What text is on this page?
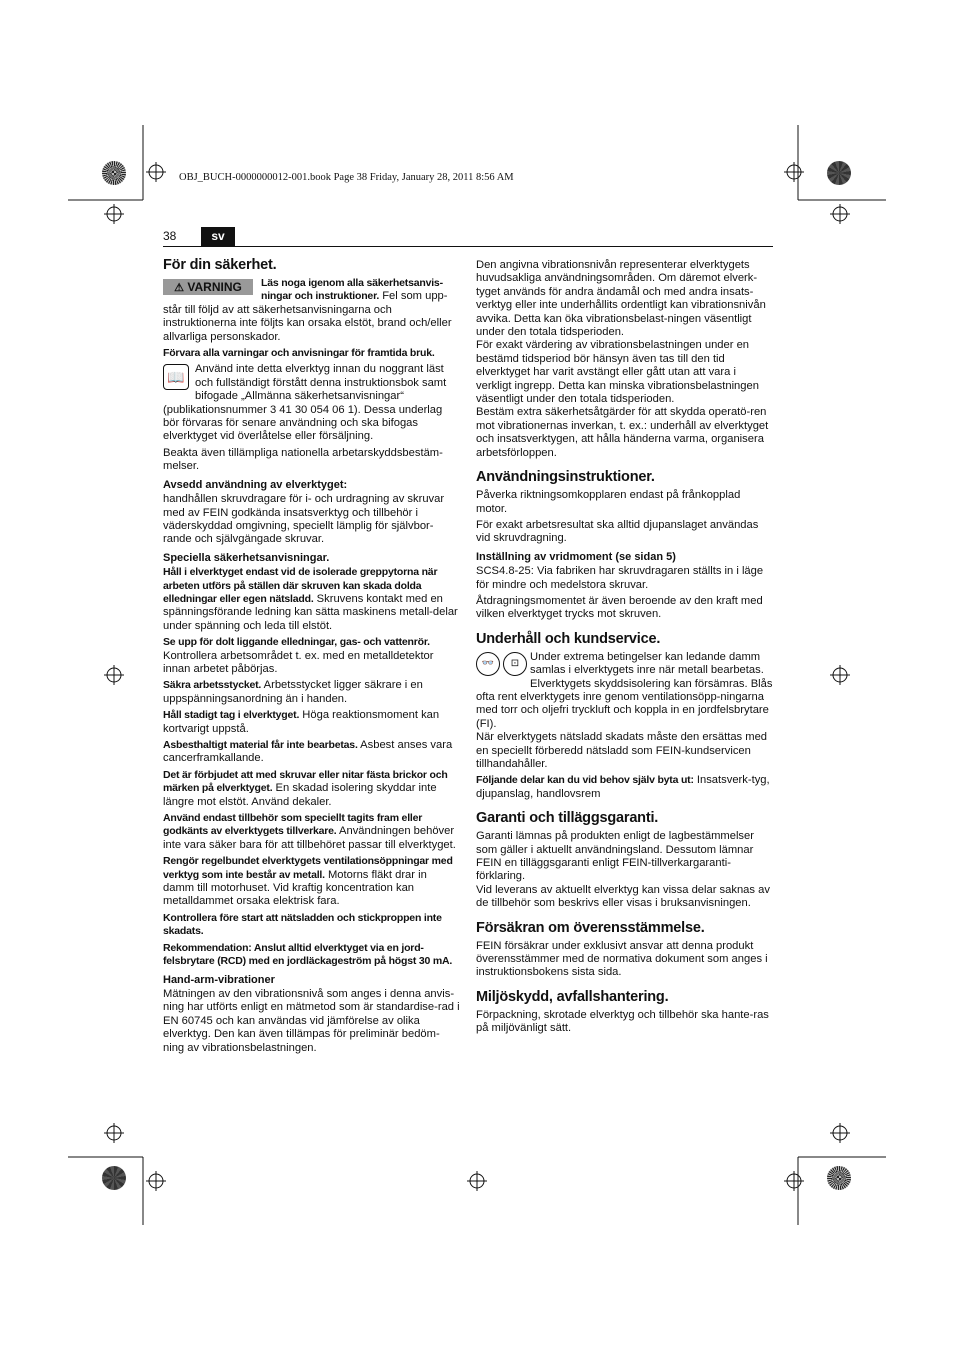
OBJ_BUCH-0000000012-001.book Page 38 Friday, January 28, 2011 8:56 AM
38	sv
För din säkerhet.

⚠ VARNING	Läs noga igenom alla säkerhetsanvis-ningar och instruktioner. Fel som upp-står till följd av att säkerhetsanvisningarna och instruktionerna inte följts kan orsaka elstöt, brand och/eller allvarliga personskador.

Förvara alla varningar och anvisningar för framtida bruk.

📖 Använd inte detta elverktyg innan du noggrant läst och fullständigt förstått denna instruktionsbok samt bifogade „Allmänna säkerhetsanvisningar“ (publikationsnummer 3 41 30 054 06 1). Dessa underlag bör förvaras för senare användning och ska bifogas elverktyget vid överlåtelse eller försäljning.

Beakta även tillämpliga nationella arbetarskyddsbestäm-melser.

Avsedd användning av elverktyget:

handhållen skruvdragare för i- och urdragning av skruvar med av FEIN godkända insatsverktyg och tillbehör i väderskyddad omgivning, speciellt lämplig för självbor-rande och självgängade skruvar.

Speciella säkerhetsanvisningar.

Håll i elverktyget endast vid de isolerade greppytorna när arbeten utförs på ställen där skruven kan skada dolda elledningar eller egen nätsladd. Skruvens kontakt med en spänningsförande ledning kan sätta maskinens metall-delar under spänning och leda till elstöt.

Se upp för dolt liggande elledningar, gas- och vattenrör. Kontrollera arbetsområdet t. ex. med en metalldetektor innan arbetet påbörjas.

Säkra arbetsstycket. Arbetsstycket ligger säkrare i en uppspänningsanordning än i handen.

Håll stadigt tag i elverktyget. Höga reaktionsmoment kan kortvarigt uppstå.

Asbesthaltigt material får inte bearbetas. Asbest anses vara cancerframkallande.

Det är förbjudet att med skruvar eller nitar fästa brickor och märken på elverktyget. En skadad isolering skyddar inte längre mot elstöt. Använd dekaler.

Använd endast tillbehör som speciellt tagits fram eller godkänts av elverktygets tillverkare. Användningen behöver inte vara säker bara för att tillbehöret passar till elverktyget.

Rengör regelbundet elverktygets ventilationsöppningar med verktyg som inte består av metall. Motorns fläkt drar in damm till motorhuset. Vid kraftig koncentration kan metalldammet orsaka elektrisk fara.

Kontrollera före start att nätsladden och stickproppen inte skadats.

Rekommendation: Anslut alltid elverktyget via en jord-felsbrytare (RCD) med en jordläckageström på högst 30 mA.

Hand-arm-vibrationer

Mätningen av den vibrationsnivå som anges i denna anvis-ning har utförts enligt en mätmetod som är standardise-rad i EN 60745 och kan användas vid jämförelse av olika elverktyg. Den kan även tillämpas för preliminär bedöm-ning av vibrationsbelastningen.

Den angivna vibrationsnivån representerar elverktygets huvudsakliga användningsområden. Om däremot elverk-tyget används för andra ändamål och med andra insats-verktyg eller inte underhållits ordentligt kan vibrationsnivån avvika. Detta kan öka vibrationsbelast-ningen väsentligt under den totala tidsperioden.

För exakt värdering av vibrationsbelastningen under en bestämd tidsperiod bör hänsyn även tas till den tid elverktyget har varit avstängt eller gått utan att vara i verkligt ingrepp. Detta kan minska vibrationsbelastningen väsentligt under den totala tidsperioden.

Bestäm extra säkerhetsåtgärder för att skydda operatö-ren mot vibrationernas inverkan, t. ex.: underhåll av elverktyget och insatsverktygen, att hålla händerna varma, organisera arbetsförloppen.

Användningsinstruktioner.

Påverka riktningsomkopplaren endast på frånkopplad motor.

För exakt arbetsresultat ska alltid djupanslaget användas vid skruvdragning.

Inställning av vridmoment (se sidan 5)

SCS4.8-25: Via fabriken har skruvdragaren ställts in i läge för mindre och medelstora skruvar.

Åtdragningsmomentet är även beroende av den kraft med vilken elverktyget trycks mot skruven.

Underhåll och kundservice.

👓	⊡
Under extrema betingelser kan ledande damm samlas i elverktygets inre när metall bearbetas. Elverktygets skyddsisolering kan försämras. Blås ofta rent elverktygets inre genom ventilationsöpp-ningarna med torr och oljefri tryckluft och koppla in en jordfelsbrytare (FI).

När elverktygets nätsladd skadats måste den ersättas med en speciellt förberedd nätsladd som FEIN-kundservicen tillhandahåller.

Följande delar kan du vid behov själv byta ut: Insatsverk-tyg, djupanslag, handlovsrem

Garanti och tilläggsgaranti.

Garanti lämnas på produkten enligt de lagbestämmelser som gäller i aktuellt användningsland. Dessutom lämnar FEIN en tilläggsgaranti enligt FEIN-tillverkargaranti-förklaring.

Vid leverans av aktuellt elverktyg kan vissa delar saknas av de tillbehör som beskrivs eller visas i bruksanvisningen.

Försäkran om överensstämmelse.

FEIN försäkrar under exklusivt ansvar att denna produkt överensstämmer med de normativa dokument som anges i instruktionsbokens sista sida.

Miljöskydd, avfallshantering.

Förpackning, skrotade elverktyg och tillbehör ska hante-ras på miljövänligt sätt.
